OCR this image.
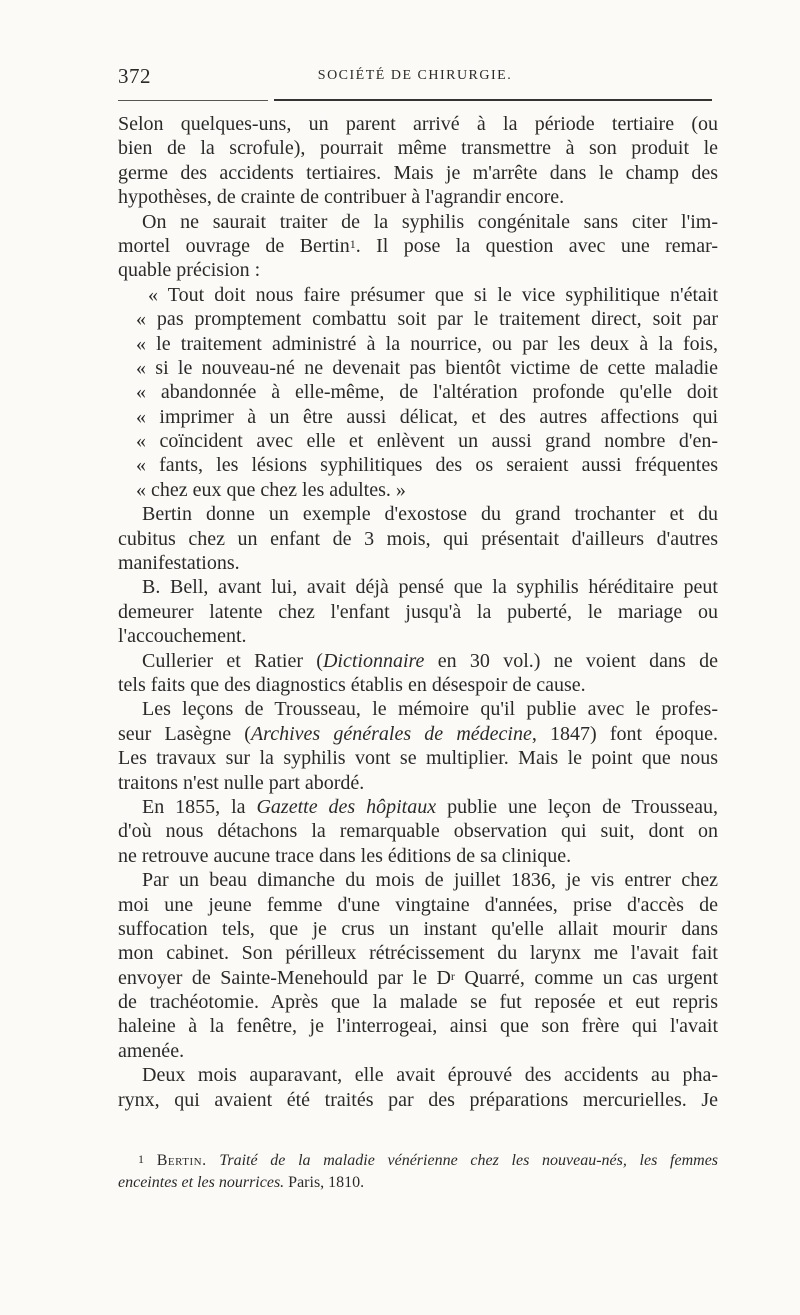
372	SOCIÉTÉ DE CHIRURGIE.
Selon quelques-uns, un parent arrivé à la période tertiaire (ou
bien de la scrofule), pourrait même transmettre à son produit le
germe des accidents tertiaires. Mais je m'arrête dans le champ des
hypothèses, de crainte de contribuer à l'agrandir encore.
On ne saurait traiter de la syphilis congénitale sans citer l'im-
mortel ouvrage de Bertin$^1$. Il pose la question avec une remar-
quable précision :
« Tout doit nous faire présumer que si le vice syphilitique n'était
« pas promptement combattu soit par le traitement direct, soit par
« le traitement administré à la nourrice, ou par les deux à la fois,
« si le nouveau-né ne devenait pas bientôt victime de cette maladie
« abandonnée à elle-même, de l'altération profonde qu'elle doit
« imprimer à un être aussi délicat, et des autres affections qui
« coïncident avec elle et enlèvent un aussi grand nombre d'en-
« fants, les lésions syphilitiques des os seraient aussi fréquentes
« chez eux que chez les adultes. »
Bertin donne un exemple d'exostose du grand trochanter et du
cubitus chez un enfant de 3 mois, qui présentait d'ailleurs d'autres
manifestations.
B. Bell, avant lui, avait déjà pensé que la syphilis héréditaire peut
demeurer latente chez l'enfant jusqu'à la puberté, le mariage ou
l'accouchement.
Cullerier et Ratier (Dictionnaire en 30 vol.) ne voient dans de
tels faits que des diagnostics établis en désespoir de cause.
Les leçons de Trousseau, le mémoire qu'il publie avec le profes-
seur Lasègne (Archives générales de médecine, 1847) font époque.
Les travaux sur la syphilis vont se multiplier. Mais le point que nous
traitons n'est nulle part abordé.
En 1855, la Gazette des hôpitaux publie une leçon de Trousseau,
d'où nous détachons la remarquable observation qui suit, dont on
ne retrouve aucune trace dans les éditions de sa clinique.
Par un beau dimanche du mois de juillet 1836, je vis entrer chez
moi une jeune femme d'une vingtaine d'années, prise d'accès de
suffocation tels, que je crus un instant qu'elle allait mourir dans
mon cabinet. Son périlleux rétrécissement du larynx me l'avait fait
envoyer de Sainte-Menehould par le $D^r$ Quarré, comme un cas urgent
de trachéotomie. Après que la malade se fut reposée et eut repris
haleine à la fenêtre, je l'interrogeai, ainsi que son frère qui l'avait
amenée.
Deux mois auparavant, elle avait éprouvé des accidents au pha-
rynx, qui avaient été traités par des préparations mercurielles. Je
$^1$ Bertin. Traité de la maladie vénérienne chez les nouveau-nés, les femmes
enceintes et les nourrices. Paris, 1810.
